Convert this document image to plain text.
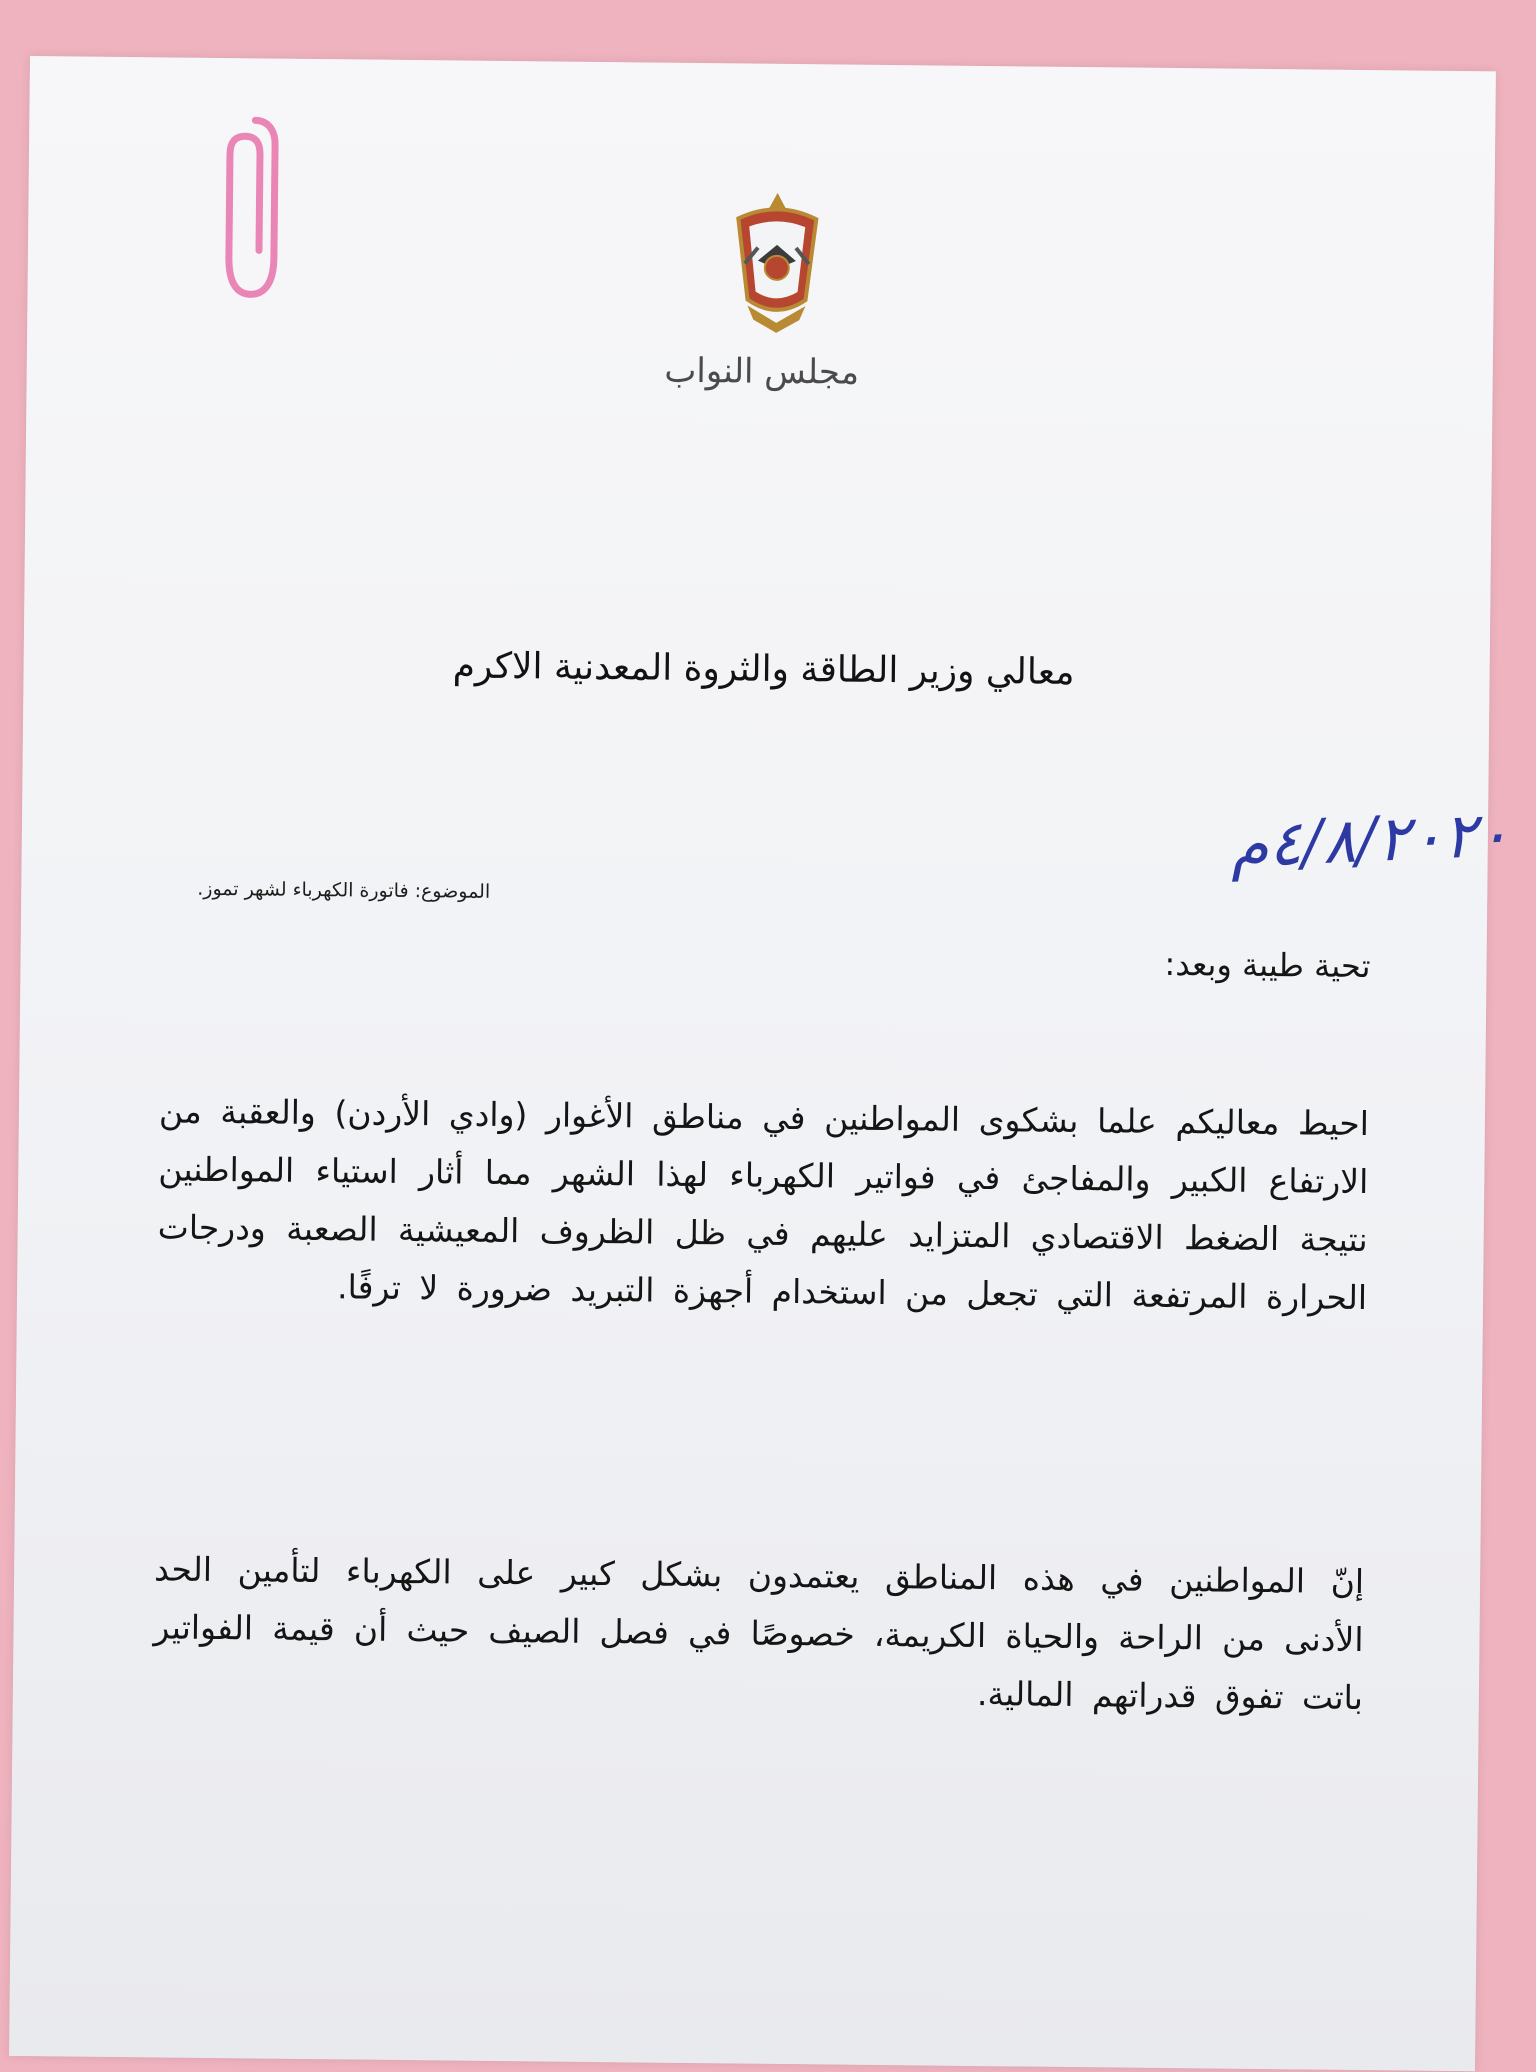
مجلس النواب
معالي وزير الطاقة والثروة المعدنية الاكرم
٤/٨/٢٠٢٠م
الموضوع: فاتورة الكهرباء لشهر تموز.
تحية طيبة وبعد:
احيط معاليكم علما بشكوى المواطنين في مناطق الأغوار (وادي الأردن) والعقبة من الارتفاع الكبير والمفاجئ في فواتير الكهرباء لهذا الشهر مما أثار استياء المواطنين نتيجة الضغط الاقتصادي المتزايد عليهم في ظل الظروف المعيشية الصعبة ودرجات الحرارة المرتفعة التي تجعل من استخدام أجهزة التبريد ضرورة لا ترفًا.
إنّ المواطنين في هذه المناطق يعتمدون بشكل كبير على الكهرباء لتأمين الحد الأدنى من الراحة والحياة الكريمة، خصوصًا في فصل الصيف حيث أن قيمة الفواتير باتت تفوق قدراتهم المالية.
